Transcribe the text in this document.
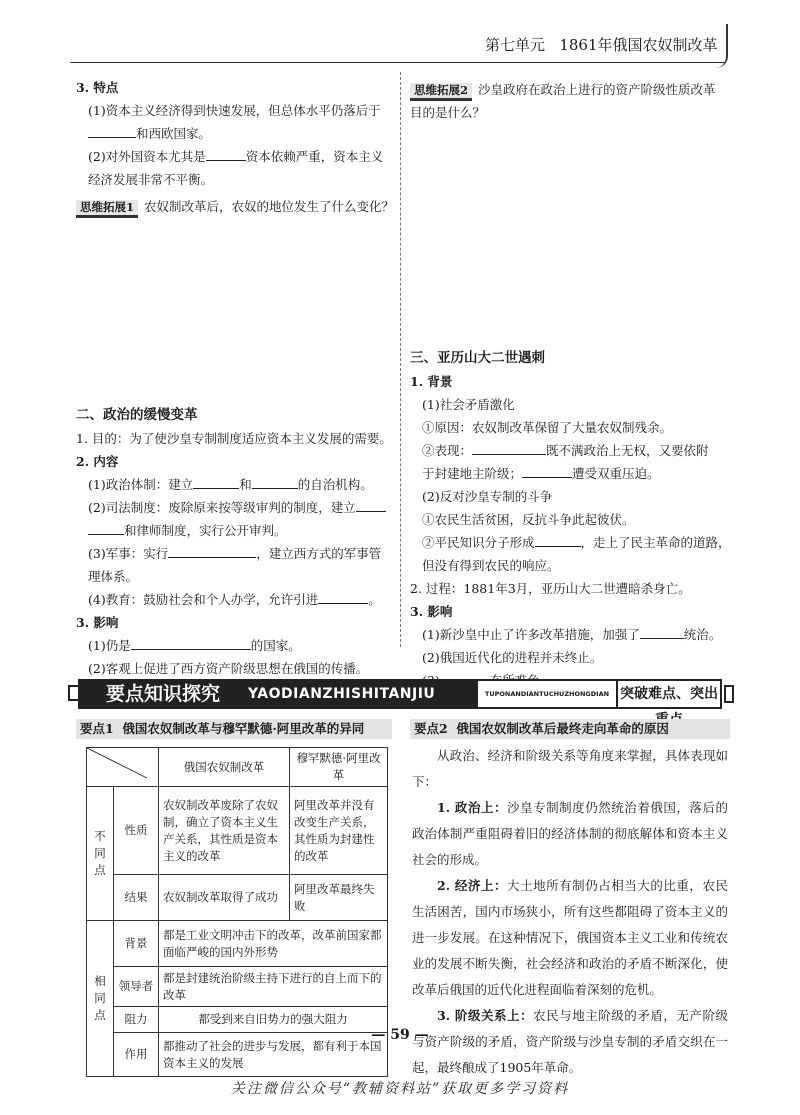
第七单元 1861年俄国农奴制改革
3. 特点
(1)资本主义经济得到快速发展，但总体水平仍落后于
和西欧国家。
(2)对外国资本尤其是	资本依赖严重，资本主义
经济发展非常不平衡。
思维拓展1 农奴制改革后，农奴的地位发生了什么变化？
思维拓展2 沙皇政府在政治上进行的资产阶级性质改革
目的是什么？
二、政治的缓慢变革
1. 目的：为了使沙皇专制制度适应资本主义发展的需要。
2. 内容
(1)政治体制：建立	和	的自治机构。
(2)司法制度：废除原来按等级审判的制度，建立
和律师制度，实行公开审判。
(3)军事：实行	，建立西方式的军事管
理体系。
(4)教育：鼓励社会和个人办学，允许引进	。
3. 影响
(1)仍是	的国家。
(2)客观上促进了西方资产阶级思想在俄国的传播。
三、亚历山大二世遇刺
1. 背景
(1)社会矛盾激化
①原因：农奴制改革保留了大量农奴制残余。
②表现：	既不满政治上无权，又要依附
于封建地主阶级；	遭受双重压迫。
(2)反对沙皇专制的斗争
①农民生活贫困，反抗斗争此起彼伏。
②平民知识分子形成	，走上了民主革命的道路，
但没有得到农民的响应。
2. 过程：1881年3月，亚历山大二世遭暗杀身亡。
3. 影响
(1)新沙皇中止了许多改革措施，加强了	统治。
(2)俄国近代化的进程并未终止。
要点知识探究	YAODIANZHISHITANJIU	TUPONANDIANTUCHUZHONGDIAN 突破难点、突出
要点1 俄国农奴制改革与穆罕默德·阿里改革的异同
	俄国农奴制改革	穆罕默德·阿里改革
不同点	性质	农奴制改革废除了农奴制，确立了资本主义生产关系，其性质是资本主义的改革	阿里改革并没有改变生产关系，其性质为封建性的改革
	结果	农奴制改革取得了成功	阿里改革最终失败
相同点	背景	都是工业文明冲击下的改革，改革前国家都面临严峻的国内外形势	
	领导者	都是封建统治阶级主持下进行的自上而下的改革	
	阻力	都受到来自旧势力的强大阻力	
	作用	都推动了社会的进步与发展，都有利于本国资本主义的发展	
要点2 俄国农奴制改革后最终走向革命的原因
从政治、经济和阶级关系等角度来掌握，具体表现如下：
1. 政治上：沙皇专制制度仍然统治着俄国，落后的政治体制严重阻碍着旧的经济体制的彻底解体和资本主义社会的形成。
2. 经济上：大土地所有制仍占相当大的比重，农民生活困苦，国内市场狭小，所有这些都阻碍了资本主义的进一步发展。在这种情况下，俄国资本主义工业和传统农业的发展不断失衡，社会经济和政治的矛盾不断深化，使改革后俄国的近代化进程面临着深刻的危机。
3. 阶级关系上：农民与地主阶级的矛盾，无产阶级与资产阶级的矛盾，资产阶级与沙皇专制的矛盾交织在一起，最终酿成了1905年革命。
— 59 —
关注微信公众号“教辅资料站”获取更多学习资料
